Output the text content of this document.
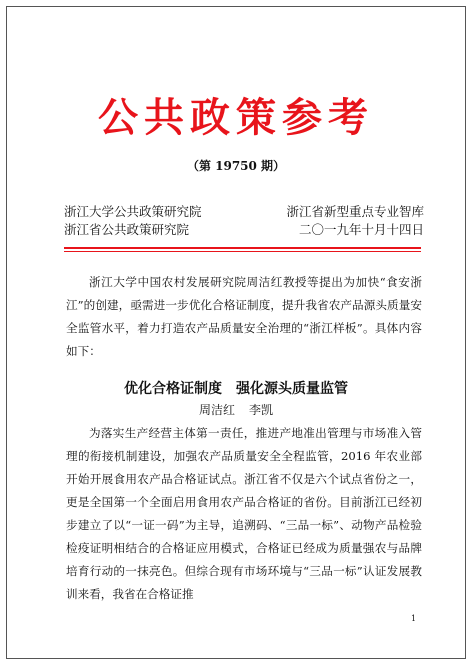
公共政策参考
（第 19750 期）
浙江大学公共政策研究院	浙江省新型重点专业智库
浙江省公共政策研究院	二〇一九年十月十四日

浙江大学中国农村发展研究院周洁红教授等提出为加快“食安浙江”的创建，亟需进一步优化合格证制度，提升我省农产品源头质量安全监管水平，着力打造农产品质量安全治理的“浙江样板”。具体内容如下：

优化合格证制度 强化源头质量监管
周洁红 李凯

为落实生产经营主体第一责任，推进产地准出管理与市场准入管理的衔接机制建设，加强农产品质量安全全程监管，2016 年农业部开始开展食用农产品合格证试点。浙江省不仅是六个试点省份之一，更是全国第一个全面启用食用农产品合格证的省份。目前浙江已经初步建立了以“一证一码”为主导，追溯码、“三品一标”、动物产品检验检疫证明相结合的合格证应用模式，合格证已经成为质量强农与品牌培育行动的一抹亮色。但综合现有市场环境与“三品一标”认证发展教训来看，我省在合格证推

1
